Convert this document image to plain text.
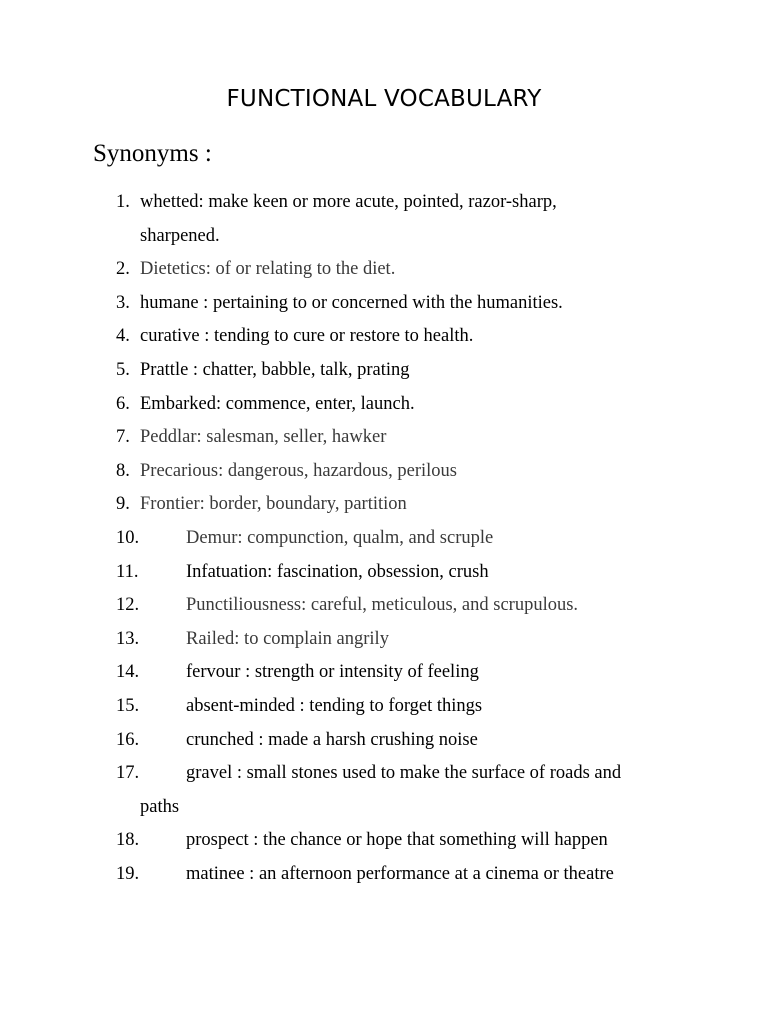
FUNCTIONAL VOCABULARY
Synonyms :
1. whetted: make keen or more acute, pointed, razor-sharp,
sharpened.
2. Dietetics: of or relating to the diet.
3. humane : pertaining to or concerned with the humanities.
4. curative : tending to cure or restore to health.
5. Prattle : chatter, babble, talk, prating
6. Embarked: commence, enter, launch.
7. Peddlar: salesman, seller, hawker
8. Precarious: dangerous, hazardous, perilous
9. Frontier: border, boundary, partition
10.	Demur: compunction, qualm, and scruple
11.	Infatuation: fascination, obsession, crush
12.	Punctiliousness: careful, meticulous, and scrupulous.
13.	Railed: to complain angrily
14.	fervour : strength or intensity of feeling
15.	absent-minded : tending to forget things
16.	crunched : made a harsh crushing noise
17.	gravel : small stones used to make the surface of roads and
paths
18.	prospect : the chance or hope that something will happen
19.	matinee : an afternoon performance at a cinema or theatre
